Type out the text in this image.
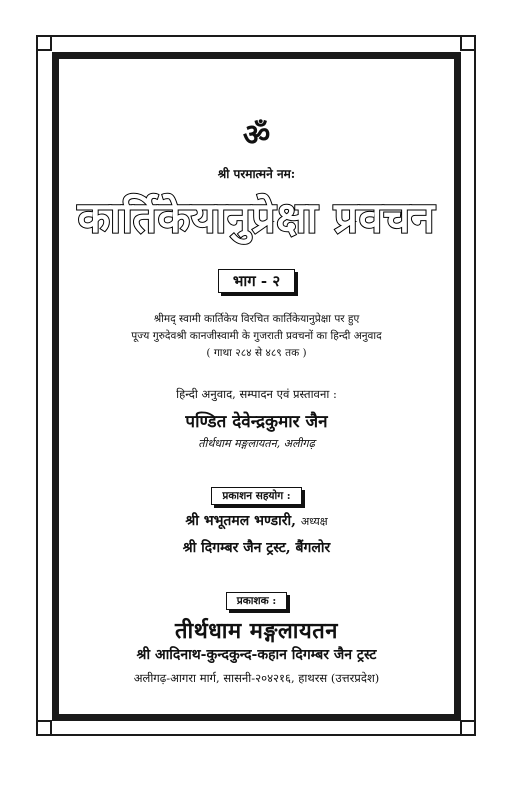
ॐ
श्री परमात्मने नम:
कार्तिकेयानुप्रेक्षा प्रवचन
भाग - २
श्रीमद् स्वामी कार्तिकेय विरचित कार्तिकेयानुप्रेक्षा पर हुए
पूज्य गुरुदेवश्री कानजीस्वामी के गुजराती प्रवचनों का हिन्दी अनुवाद
( गाथा २८४ से ४८९ तक )
हिन्दी अनुवाद, सम्पादन एवं प्रस्तावना :
पण्डित देवेन्द्रकुमार जैन
तीर्थधाम मङ्गलायतन, अलीगढ़
प्रकाशन सहयोग :
श्री भभूतमल भण्डारी, अध्यक्ष
श्री दिगम्बर जैन ट्रस्ट, बैंगलोर
प्रकाशक :
तीर्थधाम मङ्गलायतन
श्री आदिनाथ-कुन्दकुन्द-कहान दिगम्बर जैन ट्रस्ट
अलीगढ़-आगरा मार्ग, सासनी-२०४२१६, हाथरस (उत्तरप्रदेश)
